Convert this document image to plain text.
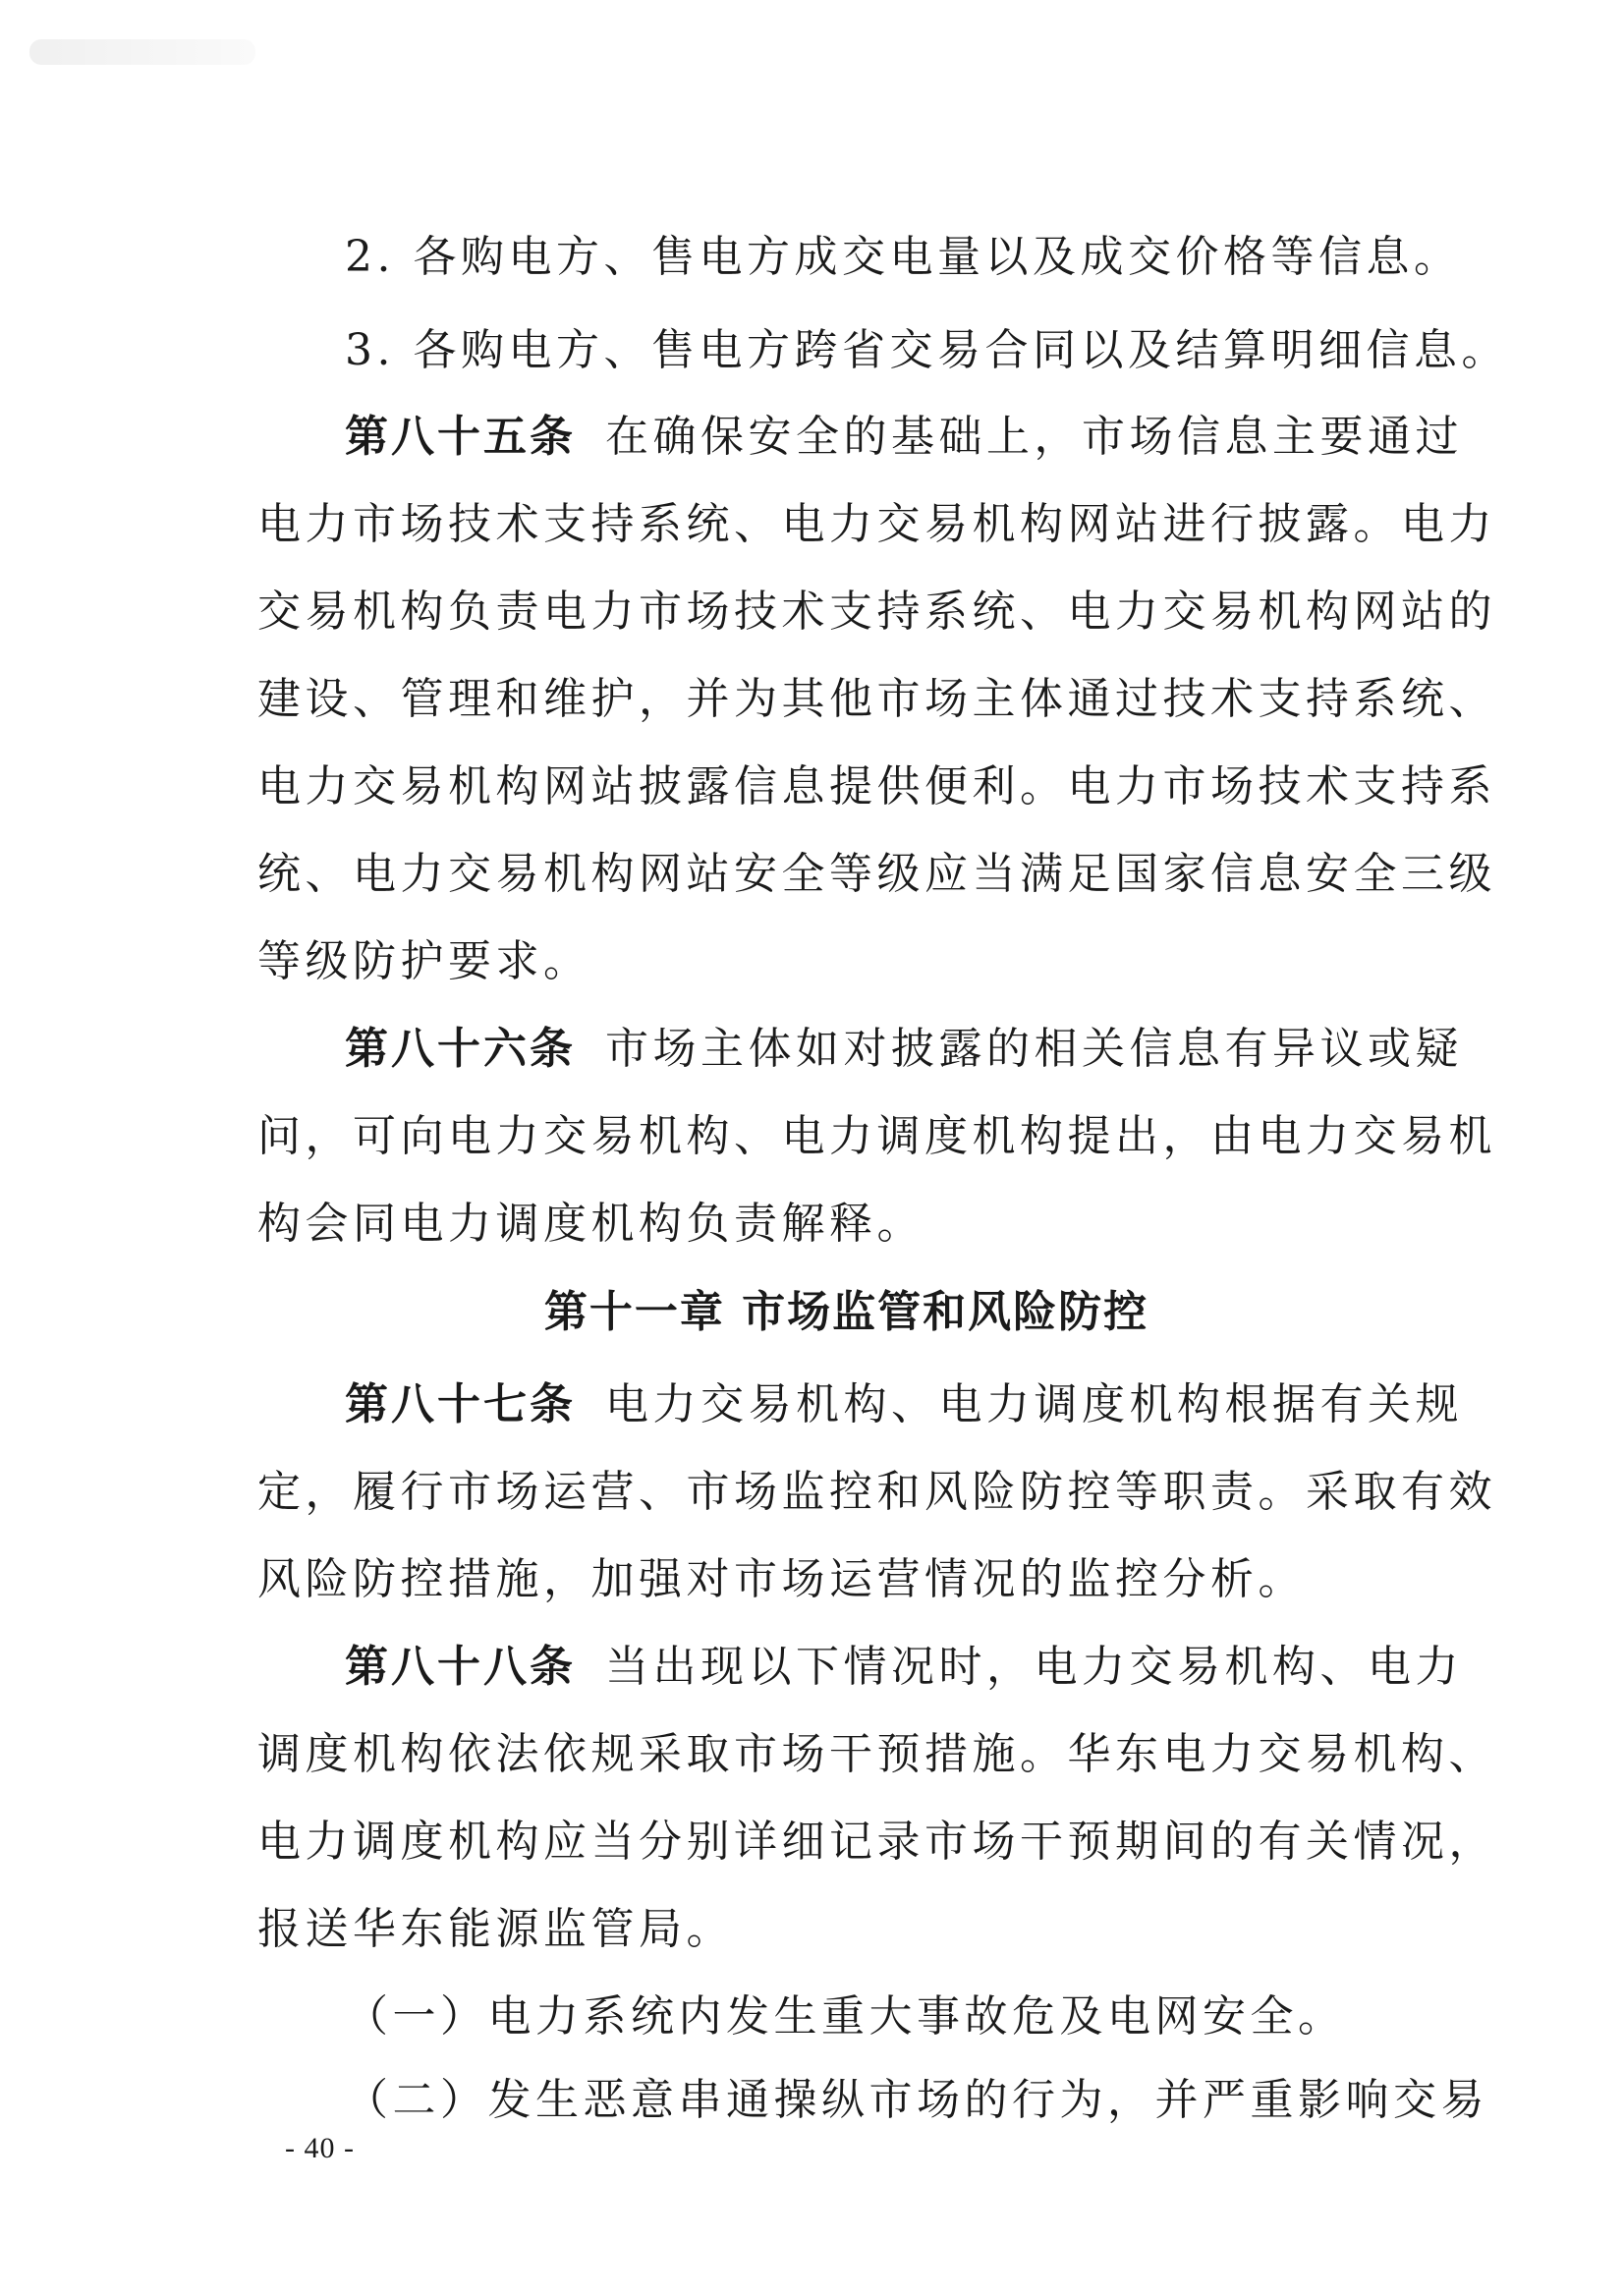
2. 各购电方、售电方成交电量以及成交价格等信息。
3. 各购电方、售电方跨省交易合同以及结算明细信息。
第八十五条 在确保安全的基础上，市场信息主要通过
电力市场技术支持系统、电力交易机构网站进行披露。电力
交易机构负责电力市场技术支持系统、电力交易机构网站的
建设、管理和维护，并为其他市场主体通过技术支持系统、
电力交易机构网站披露信息提供便利。电力市场技术支持系
统、电力交易机构网站安全等级应当满足国家信息安全三级
等级防护要求。
第八十六条 市场主体如对披露的相关信息有异议或疑
问，可向电力交易机构、电力调度机构提出，由电力交易机
构会同电力调度机构负责解释。
第十一章 市场监管和风险防控
第八十七条 电力交易机构、电力调度机构根据有关规
定，履行市场运营、市场监控和风险防控等职责。采取有效
风险防控措施，加强对市场运营情况的监控分析。
第八十八条 当出现以下情况时，电力交易机构、电力
调度机构依法依规采取市场干预措施。华东电力交易机构、
电力调度机构应当分别详细记录市场干预期间的有关情况，
报送华东能源监管局。
（一）电力系统内发生重大事故危及电网安全。
（二）发生恶意串通操纵市场的行为，并严重影响交易
- 40 -
